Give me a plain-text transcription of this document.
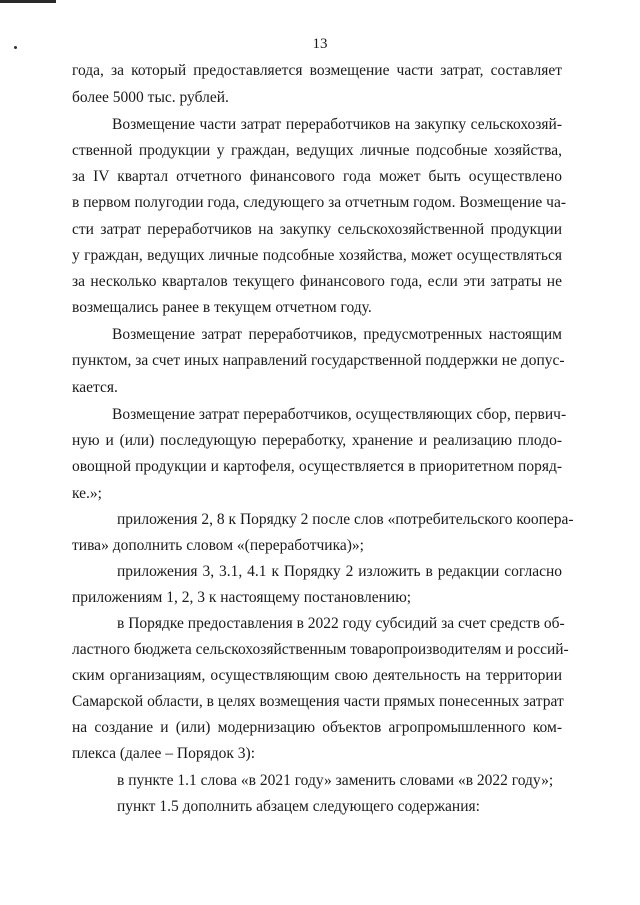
13
года, за который предоставляется возмещение части затрат, составляет
более 5000 тыс. рублей.
Возмещение части затрат переработчиков на закупку сельскохозяй-
ственной продукции у граждан, ведущих личные подсобные хозяйства,
за IV квартал отчетного финансового года может быть осуществлено
в первом полугодии года, следующего за отчетным годом. Возмещение ча-
сти затрат переработчиков на закупку сельскохозяйственной продукции
у граждан, ведущих личные подсобные хозяйства, может осуществляться
за несколько кварталов текущего финансового года, если эти затраты не
возмещались ранее в текущем отчетном году.
Возмещение затрат переработчиков, предусмотренных настоящим
пунктом, за счет иных направлений государственной поддержки не допус-
кается.
Возмещение затрат переработчиков, осуществляющих сбор, первич-
ную и (или) последующую переработку, хранение и реализацию плодо-
овощной продукции и картофеля, осуществляется в приоритетном поряд-
ке.»;
приложения 2, 8 к Порядку 2 после слов «потребительского коопера-
тива» дополнить словом «(переработчика)»;
приложения 3, 3.1, 4.1 к Порядку 2 изложить в редакции согласно
приложениям 1, 2, 3 к настоящему постановлению;
в Порядке предоставления в 2022 году субсидий за счет средств об-
ластного бюджета сельскохозяйственным товаропроизводителям и россий-
ским организациям, осуществляющим свою деятельность на территории
Самарской области, в целях возмещения части прямых понесенных затрат
на создание и (или) модернизацию объектов агропромышленного ком-
плекса (далее – Порядок 3):
в пункте 1.1 слова «в 2021 году» заменить словами «в 2022 году»;
пункт 1.5 дополнить абзацем следующего содержания:
